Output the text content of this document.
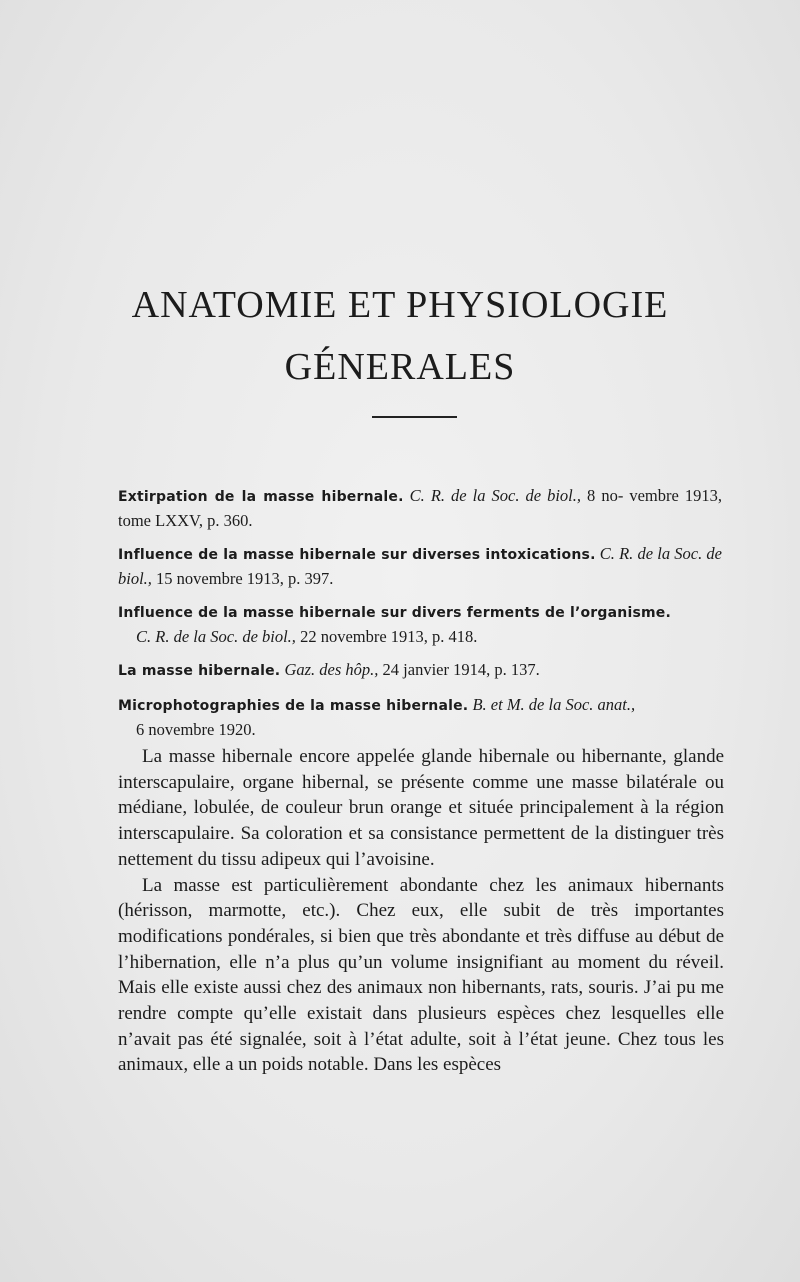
ANATOMIE ET PHYSIOLOGIE
GÉNERALES
Extirpation de la masse hibernale. C. R. de la Soc. de biol., 8 no- vembre 1913, tome LXXV, p. 360.
Influence de la masse hibernale sur diverses intoxications. C. R. de la Soc. de biol., 15 novembre 1913, p. 397.
Influence de la masse hibernale sur divers ferments de l’organisme.
C. R. de la Soc. de biol., 22 novembre 1913, p. 418.
La masse hibernale. Gaz. des hôp., 24 janvier 1914, p. 137.
Microphotographies de la masse hibernale. B. et M. de la Soc. anat.,
6 novembre 1920.

La masse hibernale encore appelée glande hibernale ou hibernante, glande interscapulaire, organe hibernal, se présente comme une masse bilatérale ou médiane, lobulée, de couleur brun orange et située principalement à la région interscapulaire. Sa coloration et sa consistance permettent de la distinguer très nettement du tissu adipeux qui l’avoisine.

La masse est particulièrement abondante chez les animaux hibernants (hérisson, marmotte, etc.). Chez eux, elle subit de très importantes modifications pondérales, si bien que très abondante et très diffuse au début de l’hibernation, elle n’a plus qu’un volume insignifiant au moment du réveil. Mais elle existe aussi chez des animaux non hibernants, rats, souris. J’ai pu me rendre compte qu’elle existait dans plusieurs espèces chez lesquelles elle n’avait pas été signalée, soit à l’état adulte, soit à l’état jeune. Chez tous les animaux, elle a un poids notable. Dans les espèces
